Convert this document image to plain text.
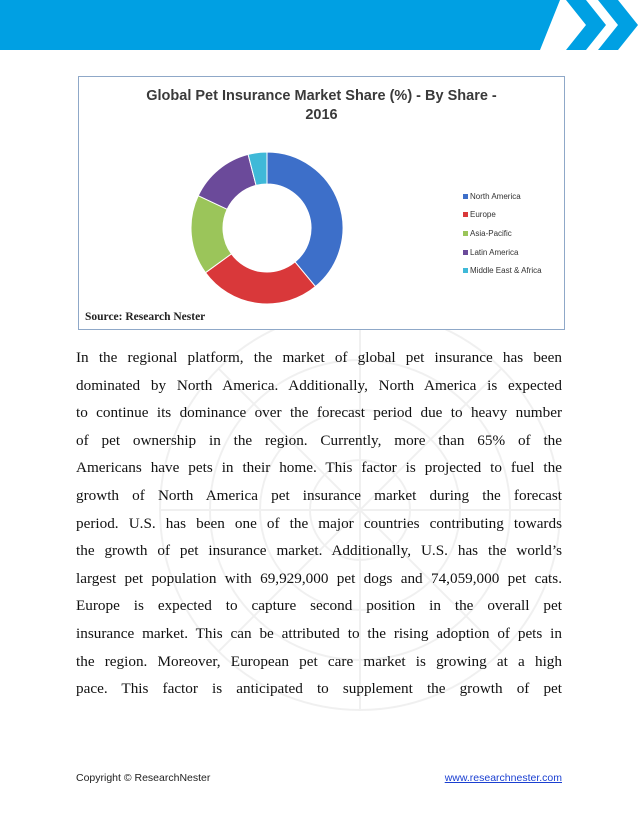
Global Pet Insurance Market Share (%) - By Share -
2016
North America
Europe
Asia-Pacific
Latin America
Middle East & Africa
Source: Research Nester
In the regional platform, the market of global pet insurance has been
dominated by North America. Additionally, North America is expected
to continue its dominance over the forecast period due to heavy number
of pet ownership in the region. Currently, more than 65% of the
Americans have pets in their home. This factor is projected to fuel the
growth of North America pet insurance market during the forecast
period. U.S. has been one of the major countries contributing towards
the growth of pet insurance market. Additionally, U.S. has the world’s
largest pet population with 69,929,000 pet dogs and 74,059,000 pet cats.
Europe is expected to capture second position in the overall pet
insurance market. This can be attributed to the rising adoption of pets in
the region. Moreover, European pet care market is growing at a high
pace. This factor is anticipated to supplement the growth of pet
Copyright © ResearchNester	www.researchnester.com
